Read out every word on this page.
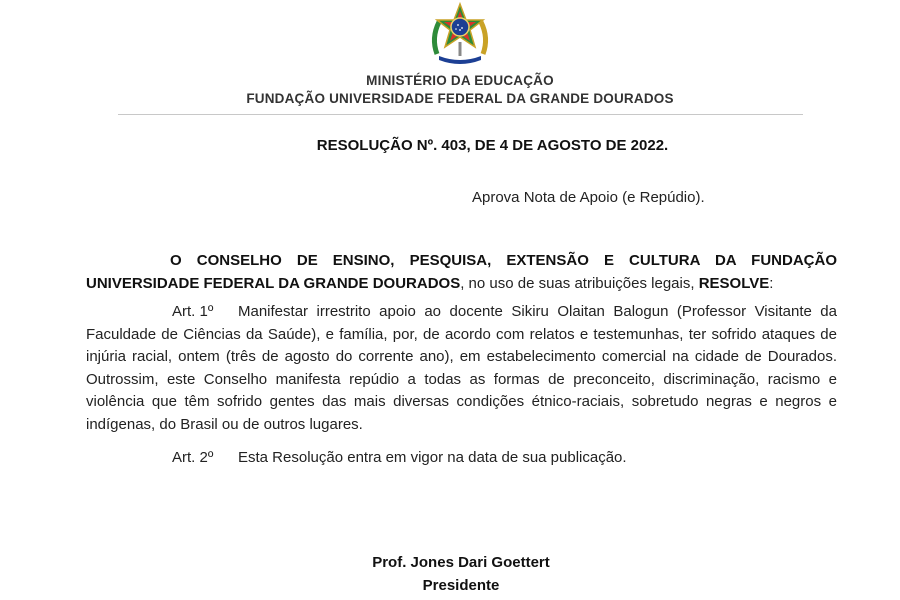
MINISTÉRIO DA EDUCAÇÃO
FUNDAÇÃO UNIVERSIDADE FEDERAL DA GRANDE DOURADOS
RESOLUÇÃO Nº. 403, DE 4 DE AGOSTO DE 2022.
Aprova Nota de Apoio (e Repúdio).
O CONSELHO DE ENSINO, PESQUISA, EXTENSÃO E CULTURA DA FUNDAÇÃO UNIVERSIDADE FEDERAL DA GRANDE DOURADOS, no uso de suas atribuições legais, RESOLVE:
Art. 1º Manifestar irrestrito apoio ao docente Sikiru Olaitan Balogun (Professor Visitante da Faculdade de Ciências da Saúde), e família, por, de acordo com relatos e testemunhas, ter sofrido ataques de injúria racial, ontem (três de agosto do corrente ano), em estabelecimento comercial na cidade de Dourados. Outrossim, este Conselho manifesta repúdio a todas as formas de preconceito, discriminação, racismo e violência que têm sofrido gentes das mais diversas condições étnico-raciais, sobretudo negras e negros e indígenas, do Brasil ou de outros lugares.
Art. 2º Esta Resolução entra em vigor na data de sua publicação.
Prof. Jones Dari Goettert
Presidente
